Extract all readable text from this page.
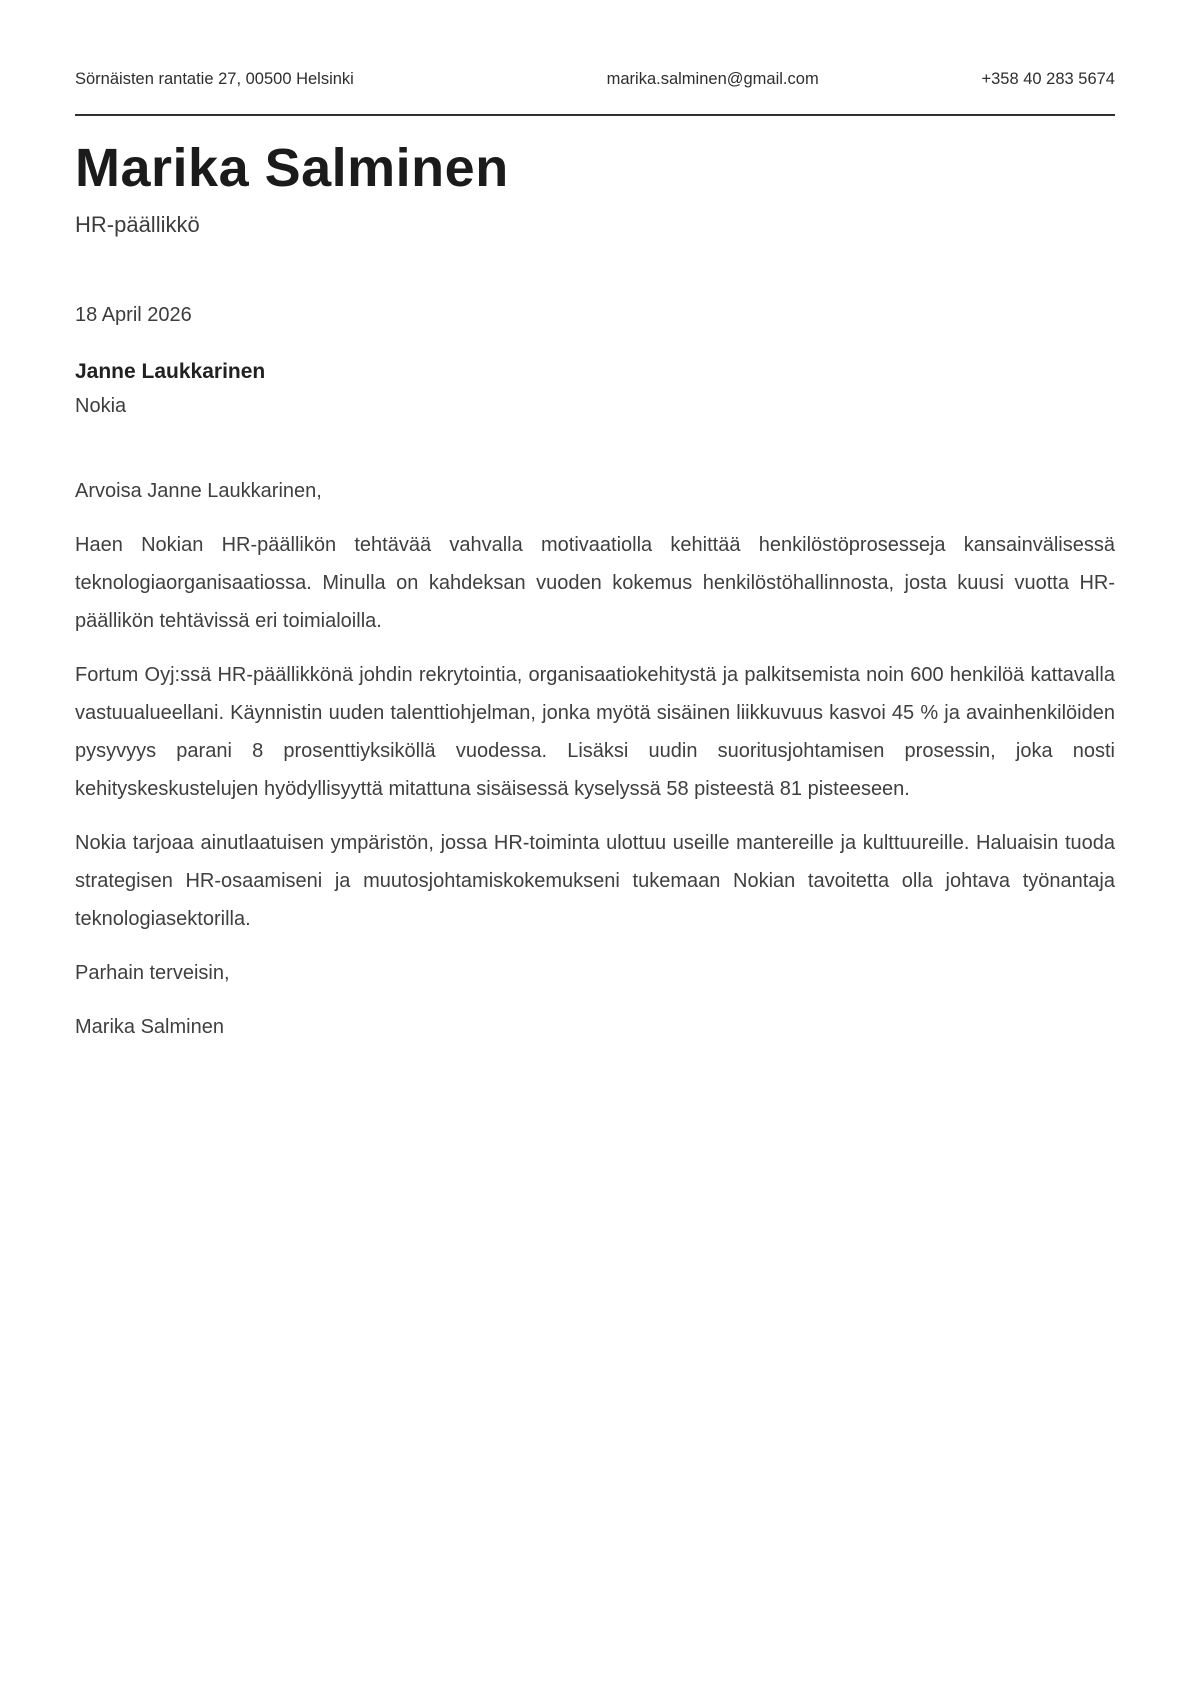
Sörnäisten rantatie 27, 00500 Helsinki	marika.salminen@gmail.com	+358 40 283 5674
Marika Salminen
HR-päällikkö
18 April 2026
Janne Laukkarinen
Nokia

Arvoisa Janne Laukkarinen,

Haen Nokian HR-päällikön tehtävää vahvalla motivaatiolla kehittää henkilöstöprosesseja kansainvälisessä teknologiaorganisaatiossa. Minulla on kahdeksan vuoden kokemus henkilöstöhallinnosta, josta kuusi vuotta HR-päällikön tehtävissä eri toimialoilla.

Fortum Oyj:ssä HR-päällikkönä johdin rekrytointia, organisaatiokehitystä ja palkitsemista noin 600 henkilöä kattavalla vastuualueellani. Käynnistin uuden talenttiohjelman, jonka myötä sisäinen liikkuvuus kasvoi 45 % ja avainhenkilöiden pysyvyys parani 8 prosenttiyksiköllä vuodessa. Lisäksi uudin suoritusjohtamisen prosessin, joka nosti kehityskeskustelujen hyödyllisyyttä mitattuna sisäisessä kyselyssä 58 pisteestä 81 pisteeseen.

Nokia tarjoaa ainutlaatuisen ympäristön, jossa HR-toiminta ulottuu useille mantereille ja kulttuureille. Haluaisin tuoda strategisen HR-osaamiseni ja muutosjohtamiskokemukseni tukemaan Nokian tavoitetta olla johtava työnantaja teknologiasektorilla.

Parhain terveisin,

Marika Salminen
